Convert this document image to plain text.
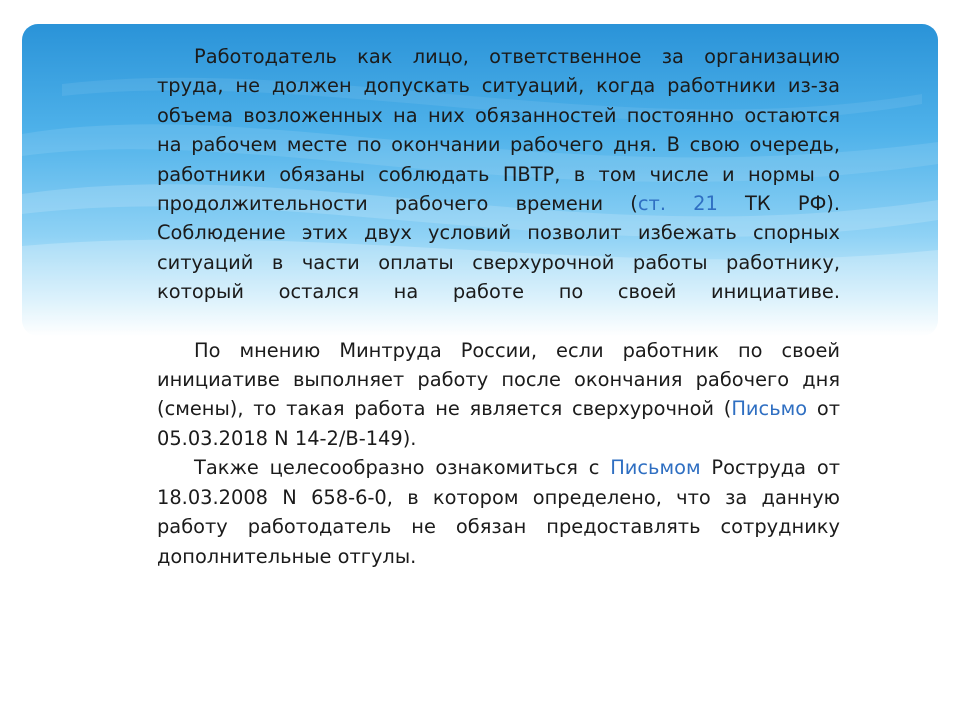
Работодатель как лицо, ответственное за организацию труда, не должен допускать ситуаций, когда работники из-за объема возложенных на них обязанностей постоянно остаются на рабочем месте по окончании рабочего дня. В свою очередь, работники обязаны соблюдать ПВТР, в том числе и нормы о продолжительности рабочего времени (ст. 21 ТК РФ). Соблюдение этих двух условий позволит избежать спорных ситуаций в части оплаты сверхурочной работы работнику, который остался на работе по своей инициативе.

По мнению Минтруда России, если работник по своей инициативе выполняет работу после окончания рабочего дня (смены), то такая работа не является сверхурочной (Письмо от 05.03.2018 N 14-2/В-149).

Также целесообразно ознакомиться с Письмом Роструда от 18.03.2008 N 658-6-0, в котором определено, что за данную работу работодатель не обязан предоставлять сотруднику дополнительные отгулы.
